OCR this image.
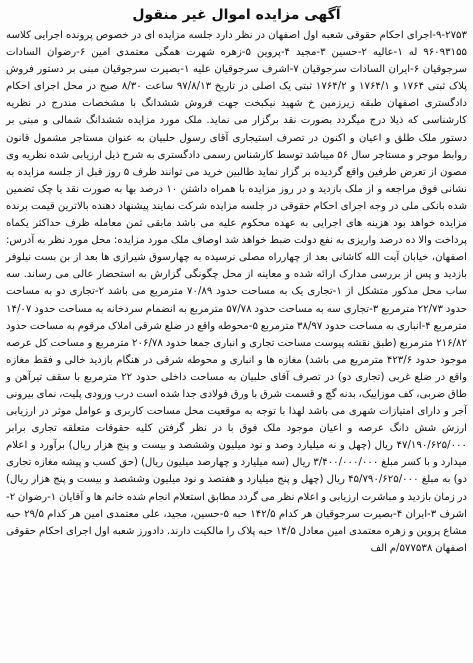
آگهی مزایده اموال غیر منقول

۹-۲۷۵۳-اجرای احکام حقوقی شعبه اول اصفهان در نظر دارد جلسه مزایده ای در خصوص پرونده اجرایی کلاسه ۹۶۰۹۳۱۵۵ له ۱-عالیه ۲-حسین ۳-مجید ۴-پروین ۵-زهره شهرت همگی معتمدی امین ۶-رضوان السادات سرجوقیان ۶-ایران السادات سرجوقیان ۷-اشرف سرجوقیان علیه ۱-بصیرت سرجوقیان مبنی بر دستور فروش پلاک ثبتی ۱۷۶۴ و ۱۷۶۴/۱ و ۱۷۶۴/۲ ثبتی یک اصلی در تاریخ ۹۷/۸/۱۳ ساعت ۸/۳۰ صبح در محل اجرای احکام دادگستری اصفهان طبقه زیرزمین خ شهید نیکبخت جهت فروش ششدانگ با مشخصات مندرج در نظریه کارشناسی که ذیلا درج میگردد بصورت نقد برگزار می نماید. ملک مورد مزایده ششدانگ شمالی و مبنی بر دستور ملک طلق و اعیان و اکنون در تصرف استیجاری آقای رسول حلبیان به عنوان مستاجر مشمول قانون روابط موجر و مستاجر سال ۵۶ میباشد توسط کارشناس رسمی دادگستری به شرح ذیل ارزیابی شده نظریه وی مصون از تعرض طرفین واقع گردیده بر گزار نماید طالبین خرید می توانند ظرف ۵ روز قبل از جلسه مزایده به نشانی فوق مراجعه و از ملک بازدید و در روز مزایده با همراه داشتن ۱۰ درصد بها به صورت نقد یا چک تضمین شده بانکی ملی در وجه اجرای احکام حقوقی در جلسه مزایده شرکت نمایند پیشنهاد دهنده بالاترین قیمت برنده مزایده خواهد بود هزینه های اجرایی به عهده محکوم علیه می باشد مابقی ثمن معامله ظرف حداکثر یکماه پرداخت والا ده درصد واریزی به نفع دولت ضبط خواهد شد اوصاف ملک مورد مزایده: محل مورد نظر به آدرس: اصفهان، خیابان آیت الله کاشانی بعد از چهارراه مصلی نرسیده به چهارسوق شیرازی ها بعد از بن بست نیلوفر بازدید و پس از بررسی مدارک ارائه شده و معاینه از محل چگونگی گزارش به استحضار عالی می رساند. سه ساب محل مذکور متشکل از ۱-تجاری یک به مساحت حدود ۷۰/۸۹ مترمربع می باشد ۲-تجاری دو به مساحت حدود ۲۲/۷۳ مترمربع ۳-تجاری سه به مساحت حدود ۵۷/۷۸ مترمربع به انضمام سردخانه به مساحت حدود ۱۴/۰۷ مترمربع ۴-انباری به مساحت حدود ۳۸/۹۷ مترمربع ۵-محوطه واقع در ضلع شرقی املاک مرقوم به مساحت حدود ۲۱۶/۸۲ مترمربع (طبق نقشه پیوست مساحت تجاری و انباری جمعا حدود ۲۰۶/۷۸ مترمربع و مساحت کل عرصه موجود حدود ۴۲۳/۶ مترمربع می باشد) مغازه ها و انباری و محوطه شرقی در هنگام بازدید خالی و فقط مغازه واقع در ضلع غربی (تجاری دو) در تصرف آقای حلبیان به مساحت داخلی حدود ۲۲ مترمربع با سقف تیرآهن و طاق ضربی، کف موزاییک، بدنه گچ و قسمت شرق با ورق فولادی جدا شده است درب ورودی پلیت، نمای بیرونی آجر و دارای امتیازات شهری می باشد لهذا با توجه به موقعیت محل مساحت کاربری و عوامل موثر در ارزیابی ارزش شش دانگ عرصه و اعیان موجود ملک فوق با در نظر گرفتن کلیه حقوقات متعلقه تجاری برابر ۴۷/۱۹۰/۶۲۵/۰۰۰ ریال (چهل و نه میلیارد وصد و نود میلیون وششصد و بیست و پنج هزار ریال) برآورد و اعلام میدارد و با کسر مبلغ ۳/۴۰۰/۰۰۰/۰۰۰ ریال (سه میلیارد و چهارصد میلیون ریال) (حق کسب و پیشه مغازه تجاری دو) به مبلغ ۴۵/۷۹۰/۶۲۵/۰۰۰ ریال (چهل و پنج میلیارد و هفتصد و نود میلیون وششصد و بیست و پنج هزار ریال) در زمان بازدید و مباشرت ارزیابی و اعلام نظر می گردد مطابق استعلام انجام شده خانم ها و آقایان ۱-رضوان ۲-اشرف ۳-ایران ۴-بصیرت سرجوقیان هر کدام ۱۴۲/۵ حبه ۵-حسین، مجید، علی معتمدی امین هر کدام ۲۹/۵ حبه مشاع پروین و زهره معتمدی امین معادل ۱۴/۵ حبه پلاک را مالکیت دارند. دادورز شعبه اول اجرای احکام حقوقی اصفهان ۵۷۷۵۳۸/م الف
